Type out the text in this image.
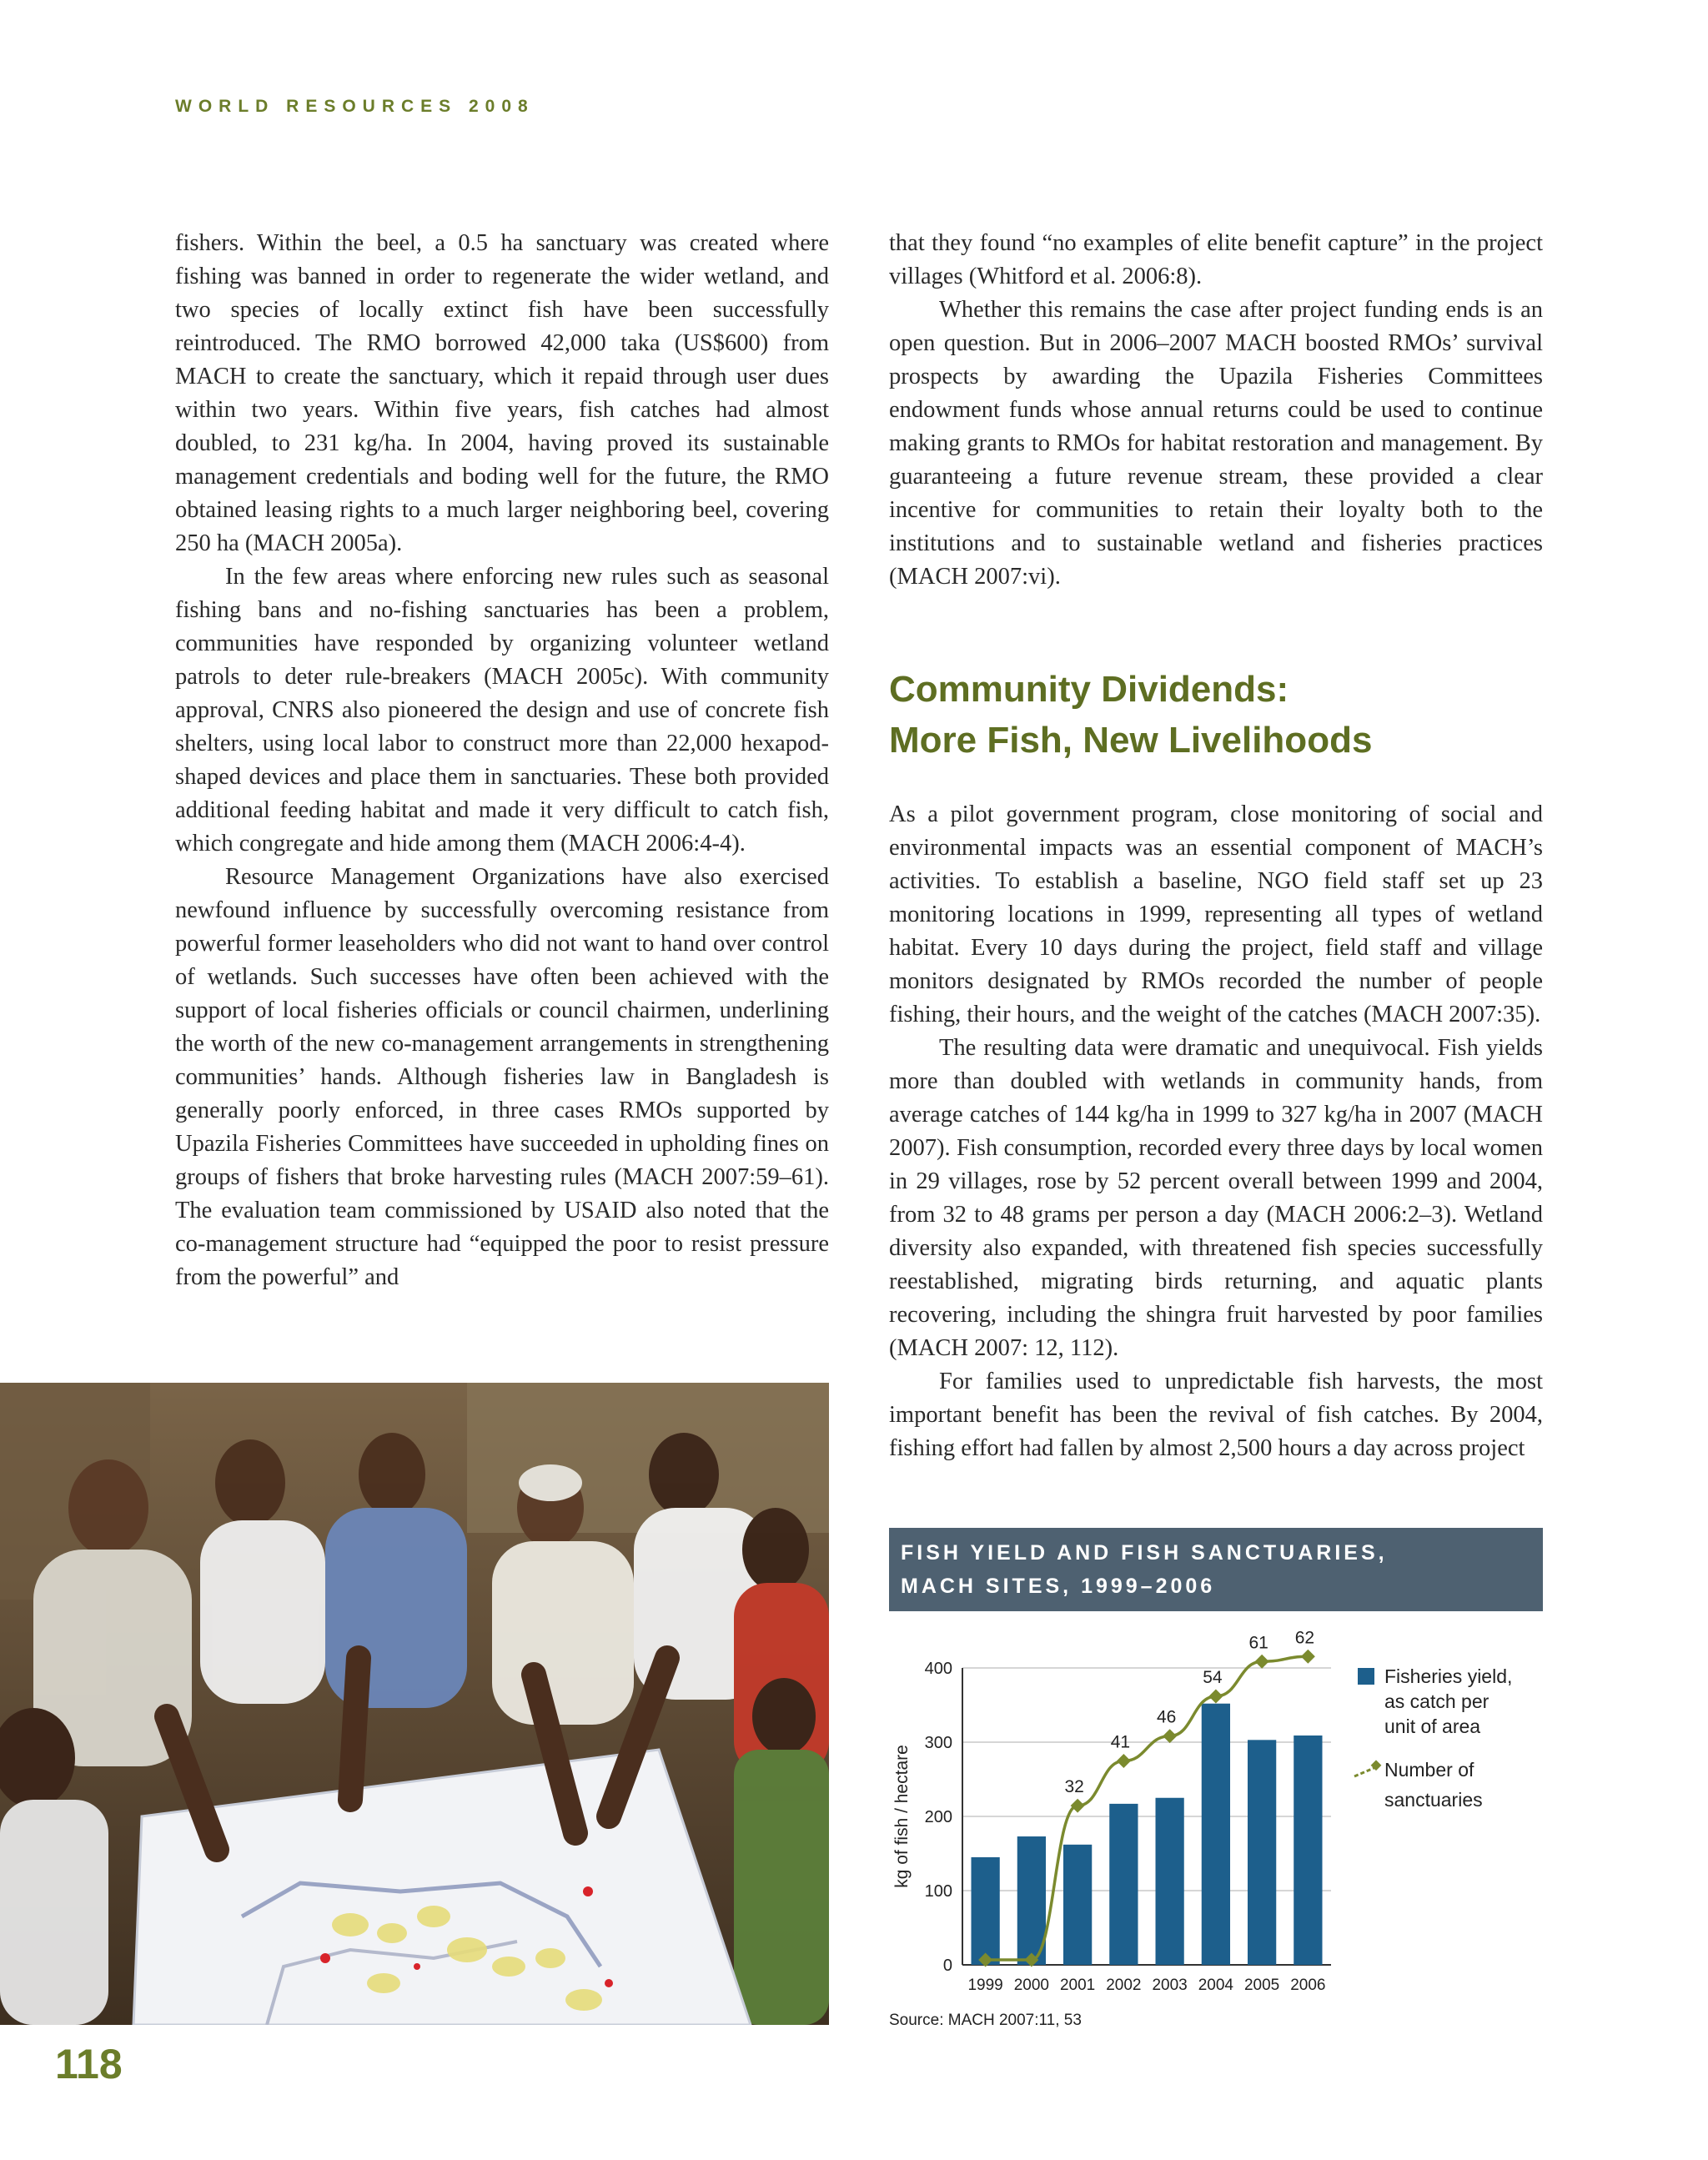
WORLD RESOURCES 2008

fishers. Within the beel, a 0.5 ha sanctuary was created where fishing was banned in order to regenerate the wider wetland, and two species of locally extinct fish have been successfully reintroduced. The RMO borrowed 42,000 taka (US$600) from MACH to create the sanctuary, which it repaid through user dues within two years. Within five years, fish catches had almost doubled, to 231 kg/ha. In 2004, having proved its sustainable management credentials and boding well for the future, the RMO obtained leasing rights to a much larger neighboring beel, covering 250 ha (MACH 2005a).

In the few areas where enforcing new rules such as seasonal fishing bans and no-fishing sanctuaries has been a problem, communities have responded by organizing volunteer wetland patrols to deter rule-breakers (MACH 2005c). With community approval, CNRS also pioneered the design and use of concrete fish shelters, using local labor to construct more than 22,000 hexapod-shaped devices and place them in sanctuaries. These both provided additional feeding habitat and made it very difficult to catch fish, which congregate and hide among them (MACH 2006:4-4).

Resource Management Organizations have also exercised newfound influence by successfully overcoming resistance from powerful former leaseholders who did not want to hand over control of wetlands. Such successes have often been achieved with the support of local fisheries officials or council chairmen, underlining the worth of the new co-management arrangements in strengthening communities’ hands. Although fisheries law in Bangladesh is generally poorly enforced, in three cases RMOs supported by Upazila Fisheries Committees have succeeded in upholding fines on groups of fishers that broke harvesting rules (MACH 2007:59–61). The evaluation team commissioned by USAID also noted that the co-management structure had “equipped the poor to resist pressure from the powerful” and

that they found “no examples of elite benefit capture” in the project villages (Whitford et al. 2006:8).

Whether this remains the case after project funding ends is an open question. But in 2006–2007 MACH boosted RMOs’ survival prospects by awarding the Upazila Fisheries Committees endowment funds whose annual returns could be used to continue making grants to RMOs for habitat restoration and management. By guaranteeing a future revenue stream, these provided a clear incentive for communities to retain their loyalty both to the institutions and to sustainable wetland and fisheries practices (MACH 2007:vi).

Community Dividends:
More Fish, New Livelihoods

As a pilot government program, close monitoring of social and environmental impacts was an essential component of MACH’s activities. To establish a baseline, NGO field staff set up 23 monitoring locations in 1999, representing all types of wetland habitat. Every 10 days during the project, field staff and village monitors designated by RMOs recorded the number of people fishing, their hours, and the weight of the catches (MACH 2007:35).

The resulting data were dramatic and unequivocal. Fish yields more than doubled with wetlands in community hands, from average catches of 144 kg/ha in 1999 to 327 kg/ha in 2007 (MACH 2007). Fish consumption, recorded every three days by local women in 29 villages, rose by 52 percent overall between 1999 and 2004, from 32 to 48 grams per person a day (MACH 2006:2–3). Wetland diversity also expanded, with threatened fish species successfully reestablished, migrating birds returning, and aquatic plants recovering, including the shingra fruit harvested by poor families (MACH 2007: 12, 112).

For families used to unpredictable fish harvests, the most important benefit has been the revival of fish catches. By 2004, fishing effort had fallen by almost 2,500 hours a day across project

118
FISH YIELD AND FISH SANCTUARIES,
MACH SITES, 1999–2006
0
100
200
300
400
kg of fish / hectare
1999 2000 2001 2002 2003 2004 2005 2006
32
41
46
54
61 62
Fisheries yield,
as catch per
unit of area
Number of
sanctuaries
Source: MACH 2007:11, 53
